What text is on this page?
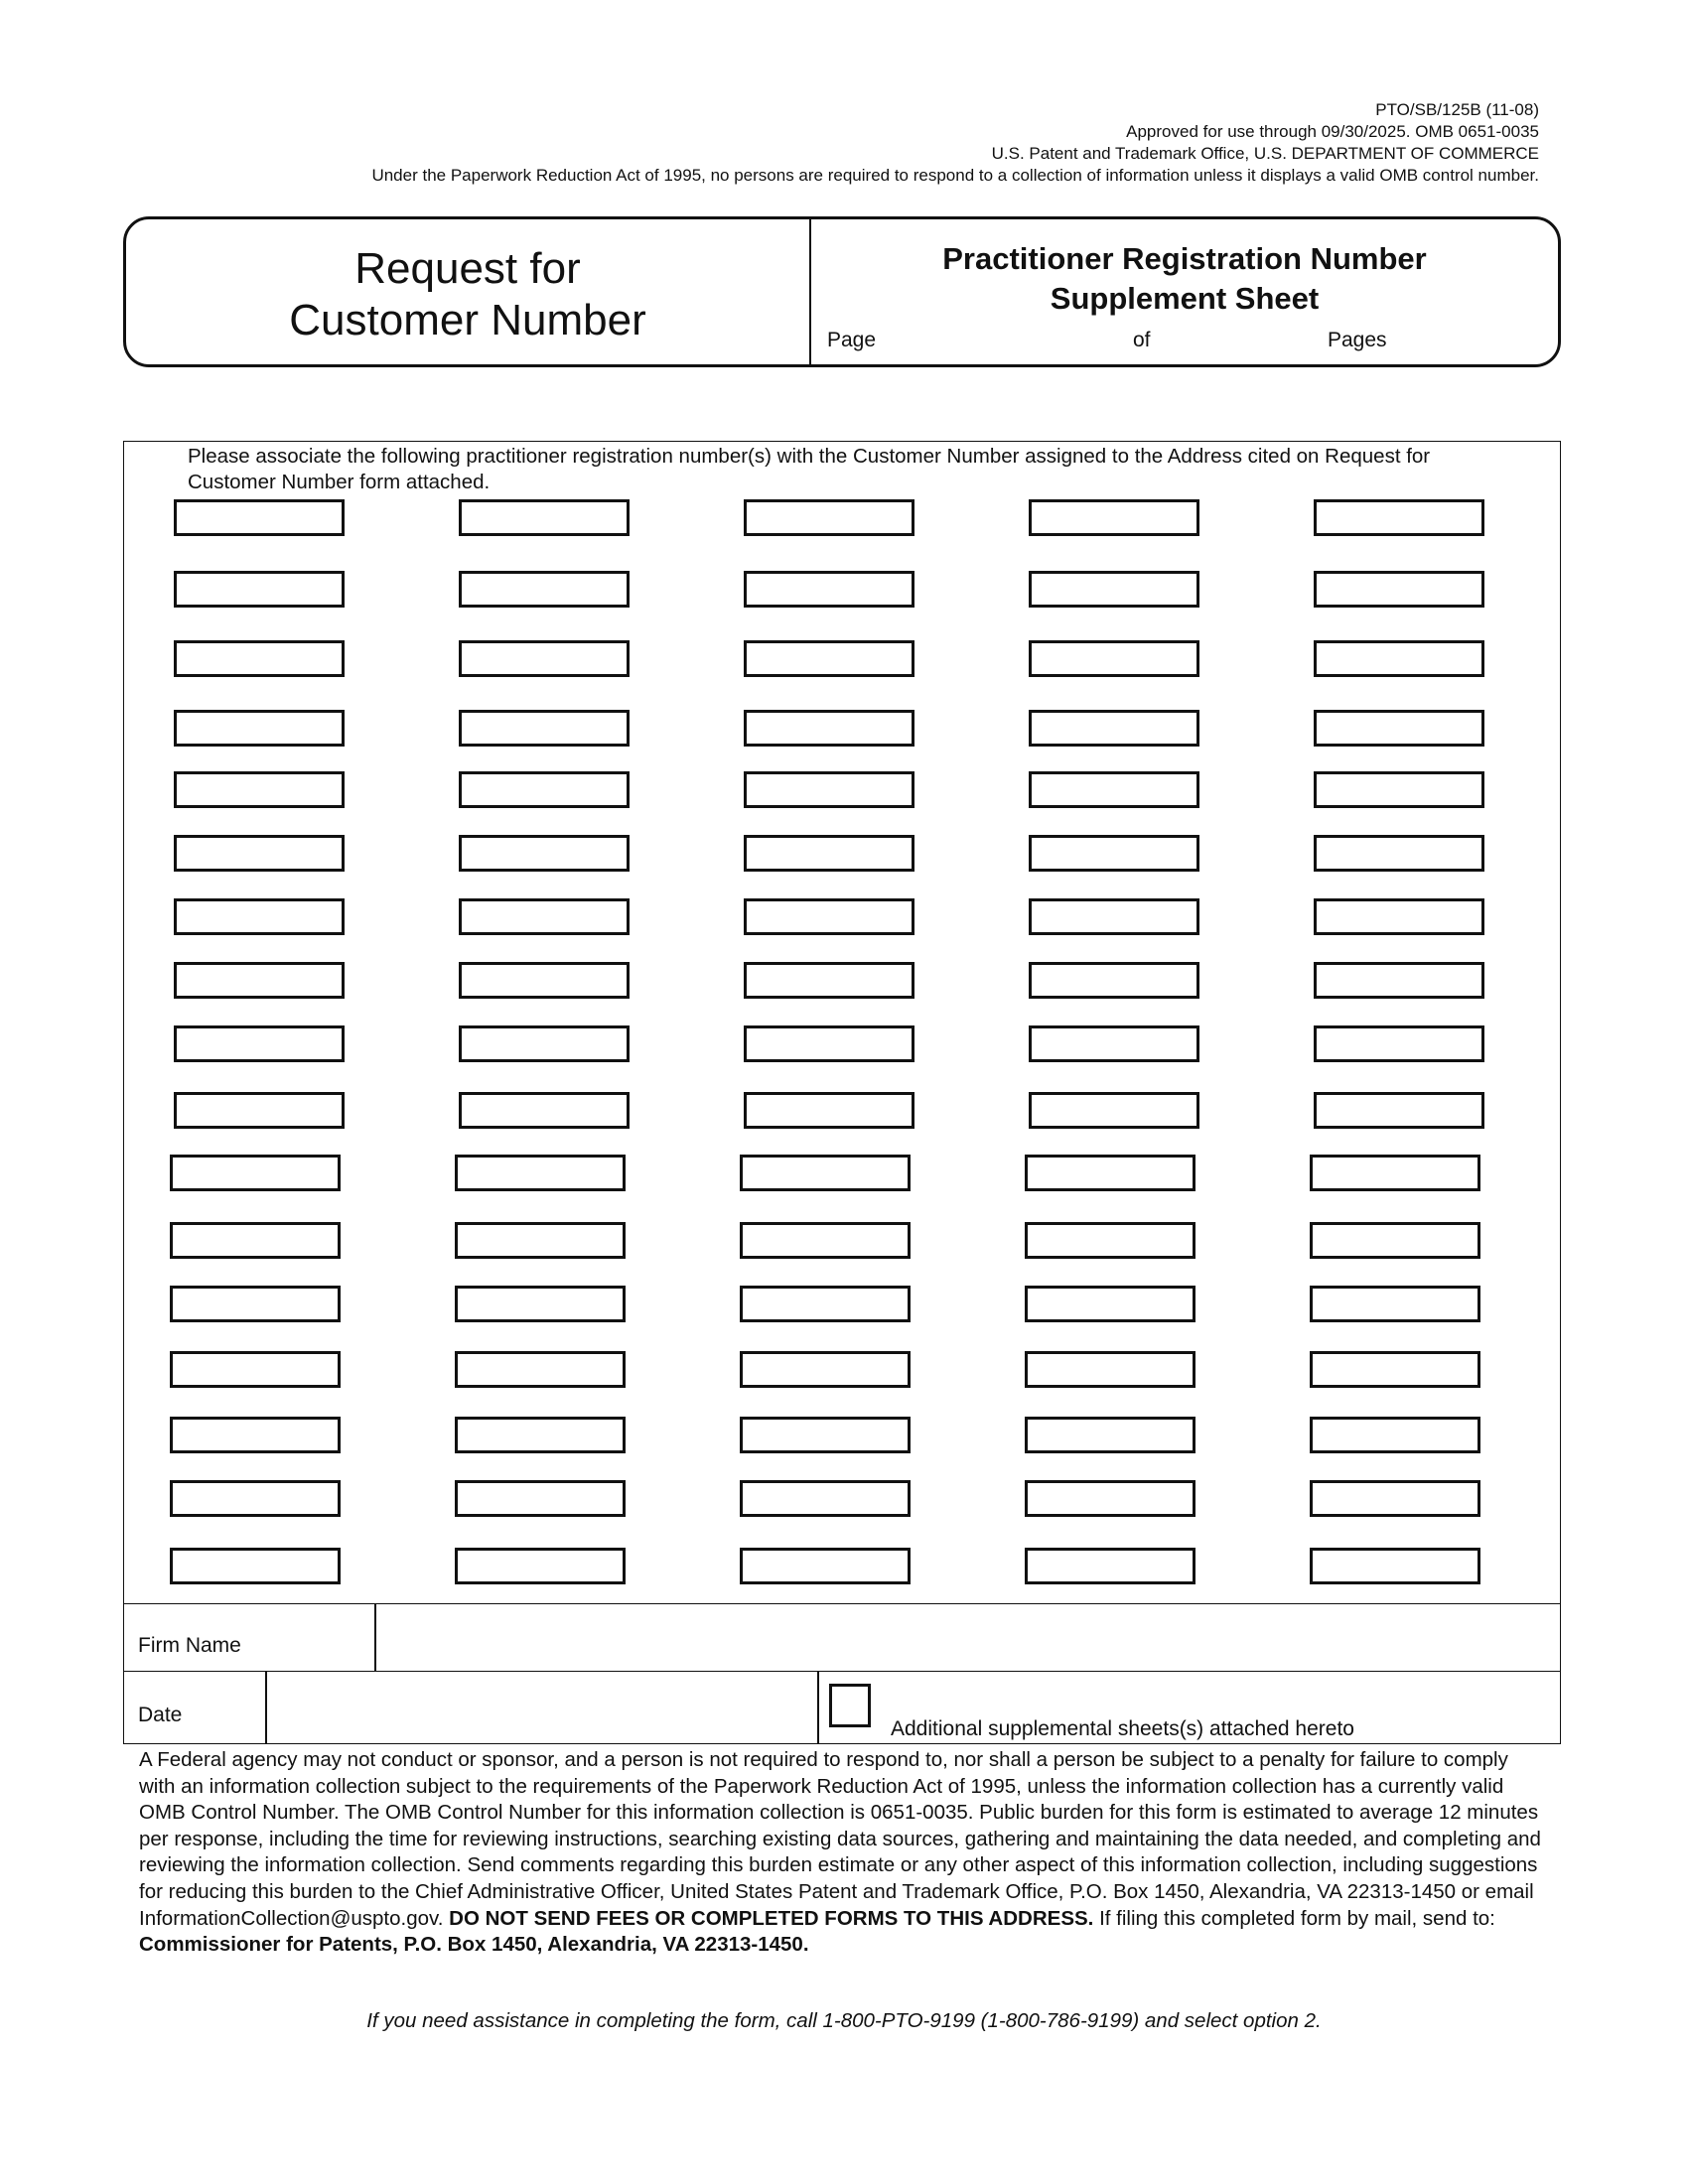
PTO/SB/125B (11-08)
Approved for use through 09/30/2025. OMB 0651-0035
U.S. Patent and Trademark Office, U.S. DEPARTMENT OF COMMERCE
Under the Paperwork Reduction Act of 1995, no persons are required to respond to a collection of information unless it displays a valid OMB control number.
Request for
Customer Number
Practitioner Registration Number
Supplement Sheet
Page	of	Pages
Please associate the following practitioner registration number(s) with the Customer Number assigned to the Address cited on Request for Customer Number form attached.
Firm Name
Date
Additional supplemental sheets(s) attached hereto
A Federal agency may not conduct or sponsor, and a person is not required to respond to, nor shall a person be subject to a penalty for failure to comply with an information collection subject to the requirements of the Paperwork Reduction Act of 1995, unless the information collection has a currently valid OMB Control Number. The OMB Control Number for this information collection is 0651-0035. Public burden for this form is estimated to average 12 minutes per response, including the time for reviewing instructions, searching existing data sources, gathering and maintaining the data needed, and completing and reviewing the information collection. Send comments regarding this burden estimate or any other aspect of this information collection, including suggestions for reducing this burden to the Chief Administrative Officer, United States Patent and Trademark Office, P.O. Box 1450, Alexandria, VA 22313-1450 or email InformationCollection@uspto.gov. DO NOT SEND FEES OR COMPLETED FORMS TO THIS ADDRESS. If filing this completed form by mail, send to: Commissioner for Patents, P.O. Box 1450, Alexandria, VA 22313-1450.
If you need assistance in completing the form, call 1-800-PTO-9199 (1-800-786-9199) and select option 2.
